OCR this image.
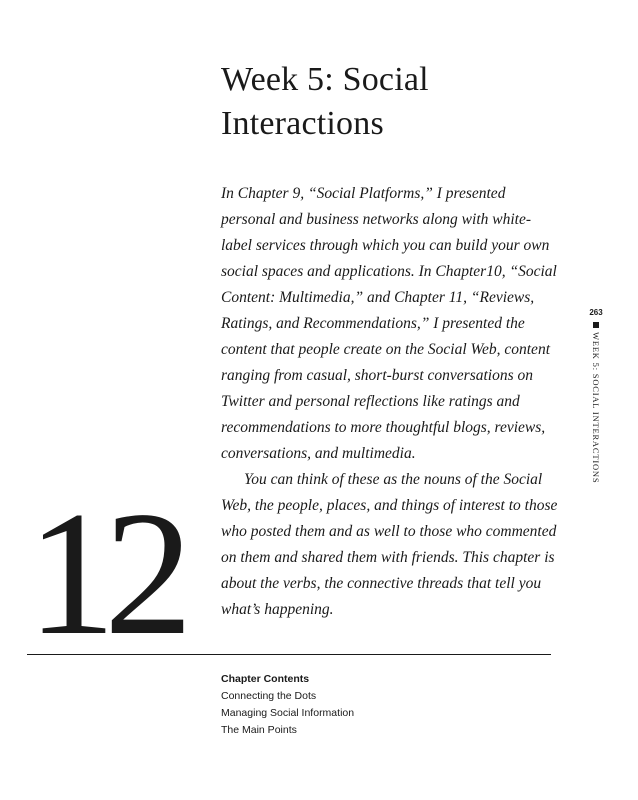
Week 5: Social Interactions

In Chapter 9, “Social Platforms,” I presented personal and business networks along with white-label services through which you can build your own social spaces and applications. In Chapter10, “Social Content: Multimedia,” and Chapter 11, “Reviews, Ratings, and Recommendations,” I presented the content that people create on the Social Web, content ranging from casual, short-burst conversations on Twitter and personal reflections like ratings and recommendations to more thoughtful blogs, reviews, conversations, and multimedia.

You can think of these as the nouns of the Social Web, the people, places, and things of interest to those who posted them and as well to those who commented on them and shared them with friends. This chapter is about the verbs, the connective threads that tell you what’s happening.

12
Chapter Contents
Connecting the Dots
Managing Social Information
The Main Points
263
WEEK 5: SOCIAL INTERACTIONS
